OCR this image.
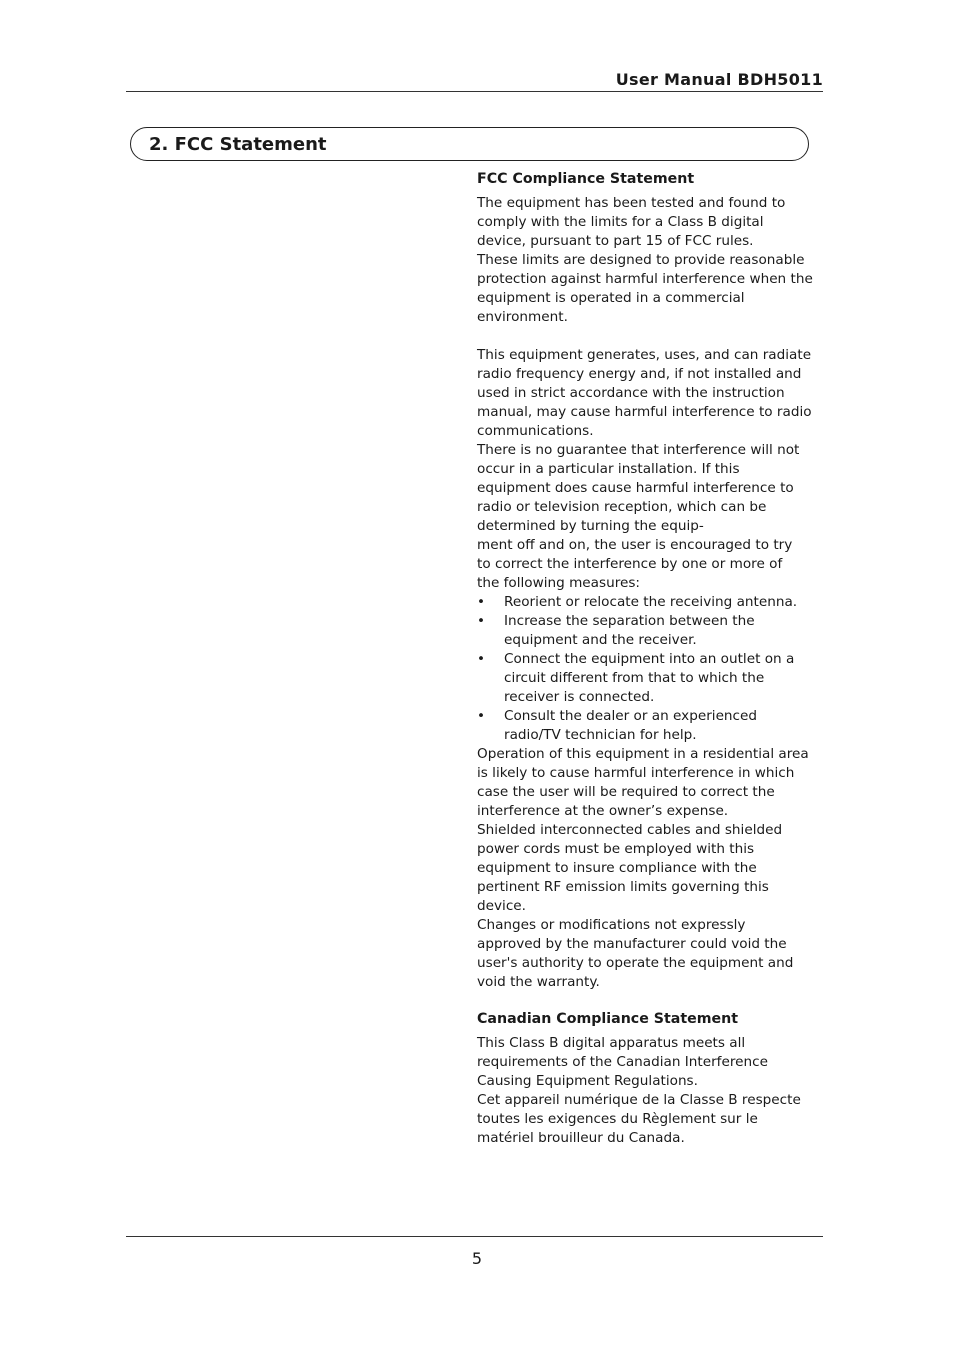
User Manual BDH5011
2. FCC Statement
FCC Compliance Statement

The equipment has been tested and found to
comply with the limits for a Class B digital
device, pursuant to part 15 of FCC rules.
These limits are designed to provide reasonable
protection against harmful interference when the
equipment is operated in a commercial
environment.

This equipment generates, uses, and can radiate
radio frequency energy and, if not installed and
used in strict accordance with the instruction
manual, may cause harmful interference to radio
communications.
There is no guarantee that interference will not
occur in a particular installation. If this
equipment does cause harmful interference to
radio or television reception, which can be
determined by turning the equip-
ment off and on, the user is encouraged to try
to correct the interference by one or more of
the following measures:

• Reorient or relocate the receiving antenna.
• Increase the separation between the
equipment and the receiver.
• Connect the equipment into an outlet on a
circuit different from that to which the
receiver is connected.
• Consult the dealer or an experienced
radio/TV technician for help.

Operation of this equipment in a residential area
is likely to cause harmful interference in which
case the user will be required to correct the
interference at the owner’s expense.
Shielded interconnected cables and shielded
power cords must be employed with this
equipment to insure compliance with the
pertinent RF emission limits governing this
device.
Changes or modifications not expressly
approved by the manufacturer could void the
user's authority to operate the equipment and
void the warranty.

Canadian Compliance Statement

This Class B digital apparatus meets all
requirements of the Canadian Interference
Causing Equipment Regulations.
Cet appareil numérique de la Classe B respecte
toutes les exigences du Règlement sur le
matériel brouilleur du Canada.

5
